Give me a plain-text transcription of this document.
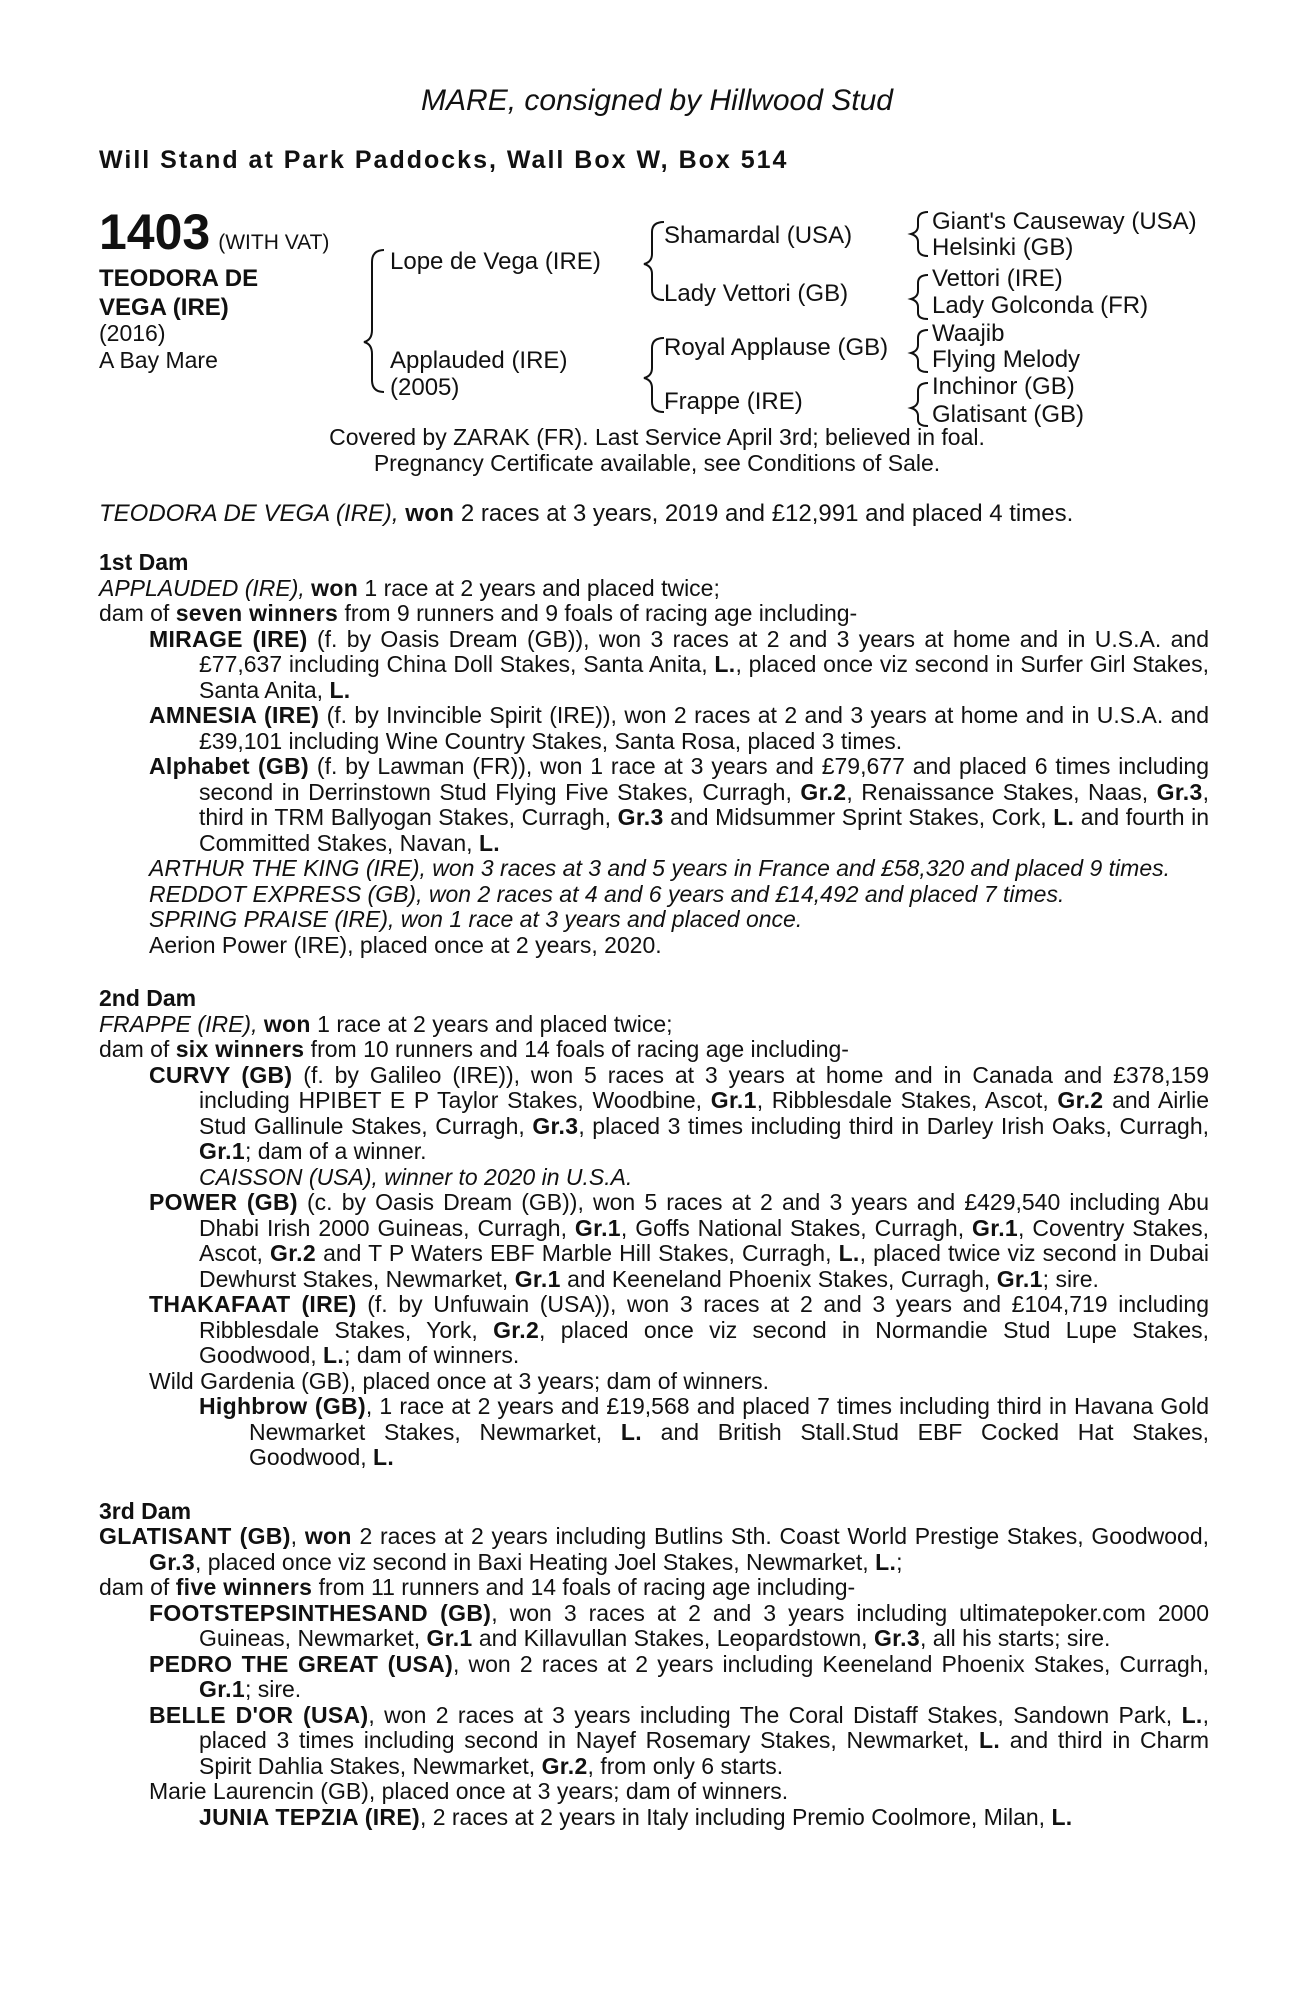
MARE, consigned by Hillwood Stud
Will Stand at Park Paddocks, Wall Box W, Box 514
1403 (WITH VAT)
TEODORA DE
VEGA (IRE)
(2016)
A Bay Mare
Lope de Vega (IRE)
Applauded (IRE)
(2005)
Shamardal (USA)
Lady Vettori (GB)
Royal Applause (GB)
Frappe (IRE)
Giant's Causeway (USA)
Helsinki (GB)
Vettori (IRE)
Lady Golconda (FR)
Waajib
Flying Melody
Inchinor (GB)
Glatisant (GB)
Covered by ZARAK (FR). Last Service April 3rd; believed in foal.
Pregnancy Certificate available, see Conditions of Sale.
TEODORA DE VEGA (IRE), won 2 races at 3 years, 2019 and £12,991 and placed 4 times.

1st Dam

APPLAUDED (IRE), won 1 race at 2 years and placed twice;

dam of seven winners from 9 runners and 9 foals of racing age including-

MIRAGE (IRE) (f. by Oasis Dream (GB)), won 3 races at 2 and 3 years at home and in U.S.A. and £77,637 including China Doll Stakes, Santa Anita, L., placed once viz second in Surfer Girl Stakes, Santa Anita, L.

AMNESIA (IRE) (f. by Invincible Spirit (IRE)), won 2 races at 2 and 3 years at home and in U.S.A. and £39,101 including Wine Country Stakes, Santa Rosa, placed 3 times.

Alphabet (GB) (f. by Lawman (FR)), won 1 race at 3 years and £79,677 and placed 6 times including second in Derrinstown Stud Flying Five Stakes, Curragh, Gr.2, Renaissance Stakes, Naas, Gr.3, third in TRM Ballyogan Stakes, Curragh, Gr.3 and Midsummer Sprint Stakes, Cork, L. and fourth in Committed Stakes, Navan, L.

ARTHUR THE KING (IRE), won 3 races at 3 and 5 years in France and £58,320 and placed 9 times.

REDDOT EXPRESS (GB), won 2 races at 4 and 6 years and £14,492 and placed 7 times.

SPRING PRAISE (IRE), won 1 race at 3 years and placed once.

Aerion Power (IRE), placed once at 2 years, 2020.

2nd Dam

FRAPPE (IRE), won 1 race at 2 years and placed twice;

dam of six winners from 10 runners and 14 foals of racing age including-

CURVY (GB) (f. by Galileo (IRE)), won 5 races at 3 years at home and in Canada and £378,159 including HPIBET E P Taylor Stakes, Woodbine, Gr.1, Ribblesdale Stakes, Ascot, Gr.2 and Airlie Stud Gallinule Stakes, Curragh, Gr.3, placed 3 times including third in Darley Irish Oaks, Curragh, Gr.1; dam of a winner.

CAISSON (USA), winner to 2020 in U.S.A.

POWER (GB) (c. by Oasis Dream (GB)), won 5 races at 2 and 3 years and £429,540 including Abu Dhabi Irish 2000 Guineas, Curragh, Gr.1, Goffs National Stakes, Curragh, Gr.1, Coventry Stakes, Ascot, Gr.2 and T P Waters EBF Marble Hill Stakes, Curragh, L., placed twice viz second in Dubai Dewhurst Stakes, Newmarket, Gr.1 and Keeneland Phoenix Stakes, Curragh, Gr.1; sire.

THAKAFAAT (IRE) (f. by Unfuwain (USA)), won 3 races at 2 and 3 years and £104,719 including Ribblesdale Stakes, York, Gr.2, placed once viz second in Normandie Stud Lupe Stakes, Goodwood, L.; dam of winners.

Wild Gardenia (GB), placed once at 3 years; dam of winners.

Highbrow (GB), 1 race at 2 years and £19,568 and placed 7 times including third in Havana Gold Newmarket Stakes, Newmarket, L. and British Stall.Stud EBF Cocked Hat Stakes, Goodwood, L.

3rd Dam

GLATISANT (GB), won 2 races at 2 years including Butlins Sth. Coast World Prestige Stakes, Goodwood, Gr.3, placed once viz second in Baxi Heating Joel Stakes, Newmarket, L.;

dam of five winners from 11 runners and 14 foals of racing age including-

FOOTSTEPSINTHESAND (GB), won 3 races at 2 and 3 years including ultimatepoker.com 2000 Guineas, Newmarket, Gr.1 and Killavullan Stakes, Leopardstown, Gr.3, all his starts; sire.

PEDRO THE GREAT (USA), won 2 races at 2 years including Keeneland Phoenix Stakes, Curragh, Gr.1; sire.

BELLE D'OR (USA), won 2 races at 3 years including The Coral Distaff Stakes, Sandown Park, L., placed 3 times including second in Nayef Rosemary Stakes, Newmarket, L. and third in Charm Spirit Dahlia Stakes, Newmarket, Gr.2, from only 6 starts.

Marie Laurencin (GB), placed once at 3 years; dam of winners.

JUNIA TEPZIA (IRE), 2 races at 2 years in Italy including Premio Coolmore, Milan, L.
